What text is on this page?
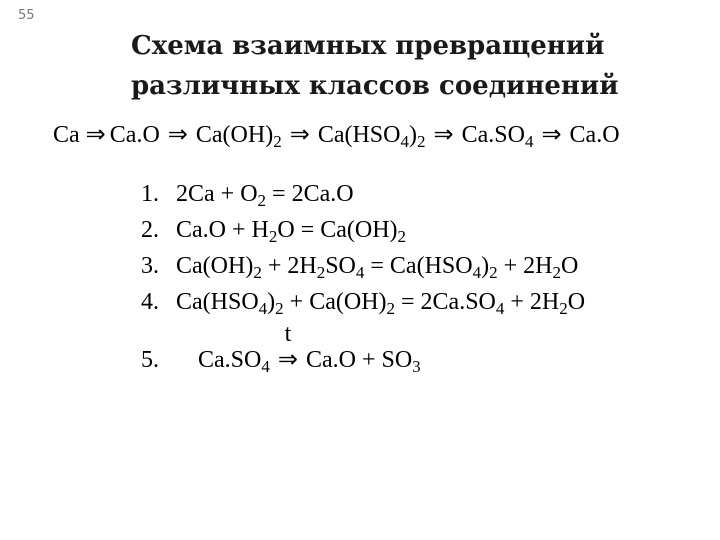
55
Схема взаимных превращений
различных классов соединений
Ca ⇒ Ca.O ⇒ $Ca(OH)_2$ ⇒ $Ca(HSO_4)_2$ ⇒ $Ca.SO_4$ ⇒ Ca.O
1. $2Ca + O_2 = 2Ca.O$
2. $Ca.O + H_2O = Ca(OH)_2$
3. $Ca(OH)_2 + 2H_2SO_4 = Ca(HSO_4)_2 + 2H_2O$
4. $Ca(HSO_4)_2 + Ca(OH)_2 = 2Ca.SO_4 + 2H_2O$
5. $Ca.SO_4$
t
⇒ $Ca.O + SO_3$
